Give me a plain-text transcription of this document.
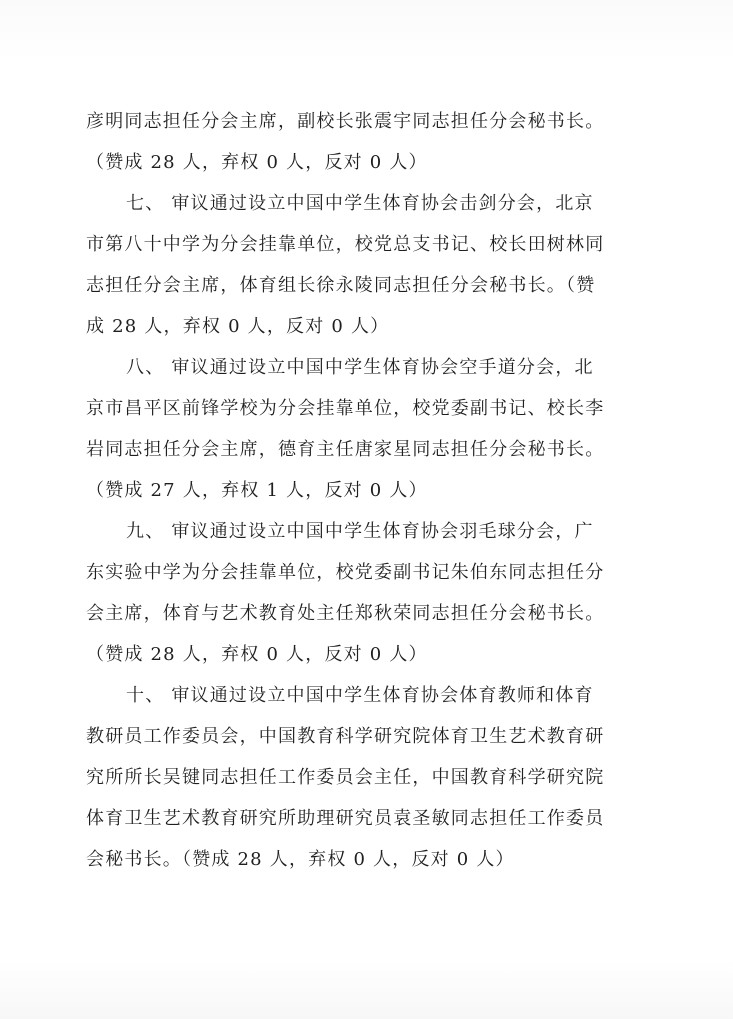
彦明同志担任分会主席，副校长张震宇同志担任分会秘书长。

（赞成 28 人，弃权 0 人，反对 0 人）

七、 审议通过设立中国中学生体育协会击剑分会，北京

市第八十中学为分会挂靠单位，校党总支书记、校长田树林同

志担任分会主席，体育组长徐永陵同志担任分会秘书长。（赞

成 28 人，弃权 0 人，反对 0 人）

八、 审议通过设立中国中学生体育协会空手道分会，北

京市昌平区前锋学校为分会挂靠单位，校党委副书记、校长李

岩同志担任分会主席，德育主任唐家星同志担任分会秘书长。

（赞成 27 人，弃权 1 人，反对 0 人）

九、 审议通过设立中国中学生体育协会羽毛球分会，广

东实验中学为分会挂靠单位，校党委副书记朱伯东同志担任分

会主席，体育与艺术教育处主任郑秋荣同志担任分会秘书长。

（赞成 28 人，弃权 0 人，反对 0 人）

十、 审议通过设立中国中学生体育协会体育教师和体育

教研员工作委员会，中国教育科学研究院体育卫生艺术教育研

究所所长吴键同志担任工作委员会主任，中国教育科学研究院

体育卫生艺术教育研究所助理研究员袁圣敏同志担任工作委员

会秘书长。（赞成 28 人，弃权 0 人，反对 0 人）
